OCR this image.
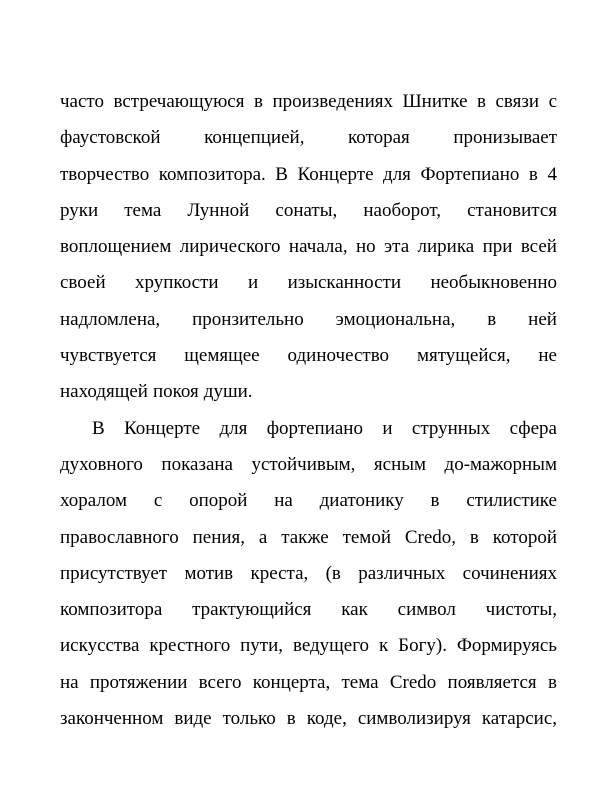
часто встречающуюся в произведениях Шнитке в связи с
фаустовской концепцией, которая пронизывает
творчество композитора. В Концерте для Фортепиано в 4
руки тема Лунной сонаты, наоборот, становится
воплощением лирического начала, но эта лирика при всей
своей хрупкости и изысканности необыкновенно
надломлена, пронзительно эмоциональна, в ней
чувствуется щемящее одиночество мятущейся, не
находящей покоя души.
В Концерте для фортепиано и струнных сфера
духовного показана устойчивым, ясным до-мажорным
хоралом с опорой на диатонику в стилистике
православного пения, а также темой Credo, в которой
присутствует мотив креста, (в различных сочинениях
композитора трактующийся как символ чистоты,
искусства крестного пути, ведущего к Богу). Формируясь
на протяжении всего концерта, тема Credo появляется в
законченном виде только в коде, символизируя катарсис,
